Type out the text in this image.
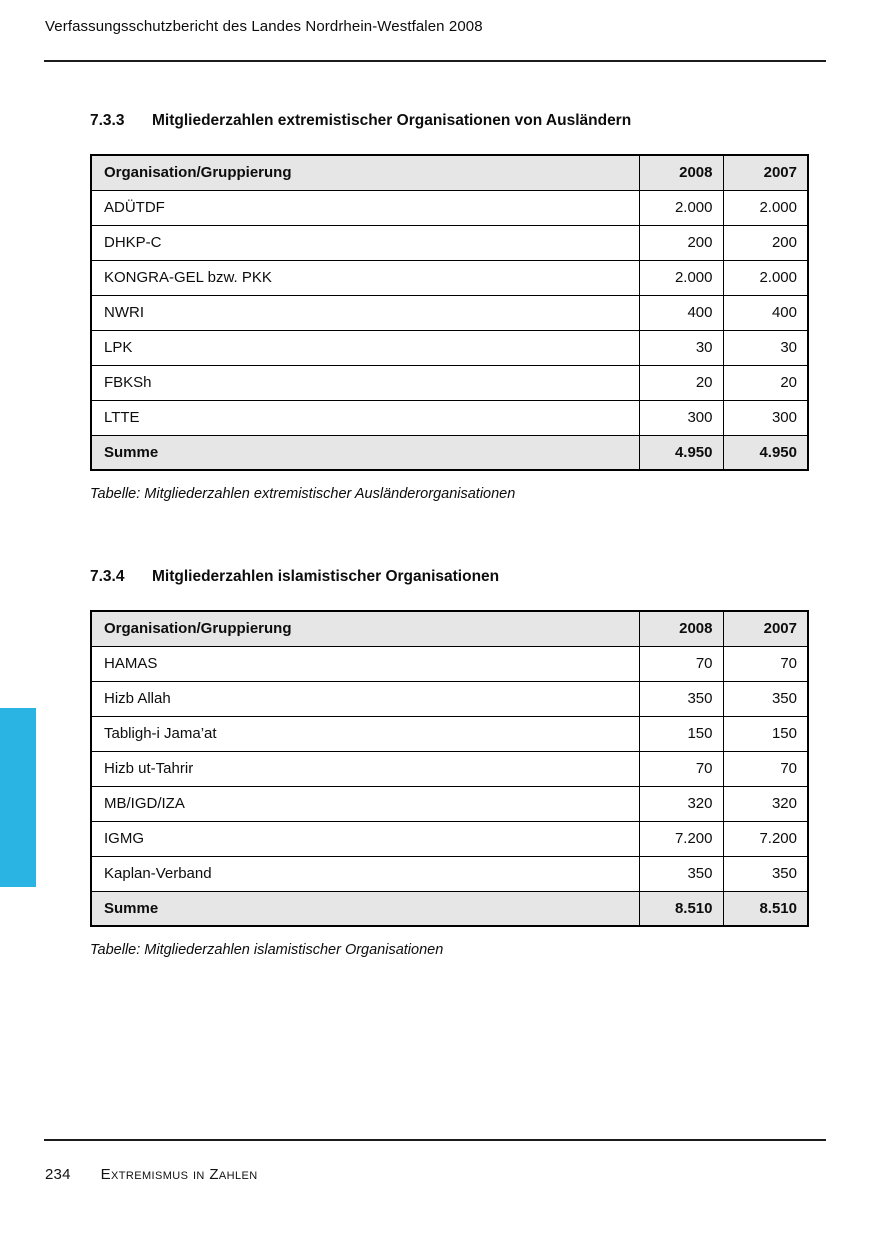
Verfassungsschutzbericht des Landes Nordrhein-Westfalen 2008
7.3.3	Mitgliederzahlen extremistischer Organisationen von Ausländern
Organisation/Gruppierung	2008	2007
ADÜTDF	2.000	2.000
DHKP-C	200	200
KONGRA-GEL bzw. PKK	2.000	2.000
NWRI	400	400
LPK	30	30
FBKSh	20	20
LTTE	300	300
Summe	4.950	4.950
Tabelle: Mitgliederzahlen extremistischer Ausländerorganisationen
7.3.4	Mitgliederzahlen islamistischer Organisationen
Organisation/Gruppierung	2008	2007
HAMAS	70	70
Hizb Allah	350	350
Tabligh-i Jama’at	150	150
Hizb ut-Tahrir	70	70
MB/IGD/IZA	320	320
IGMG	7.200	7.200
Kaplan-Verband	350	350
Summe	8.510	8.510
Tabelle: Mitgliederzahlen islamistischer Organisationen
234 Extremismus in Zahlen
